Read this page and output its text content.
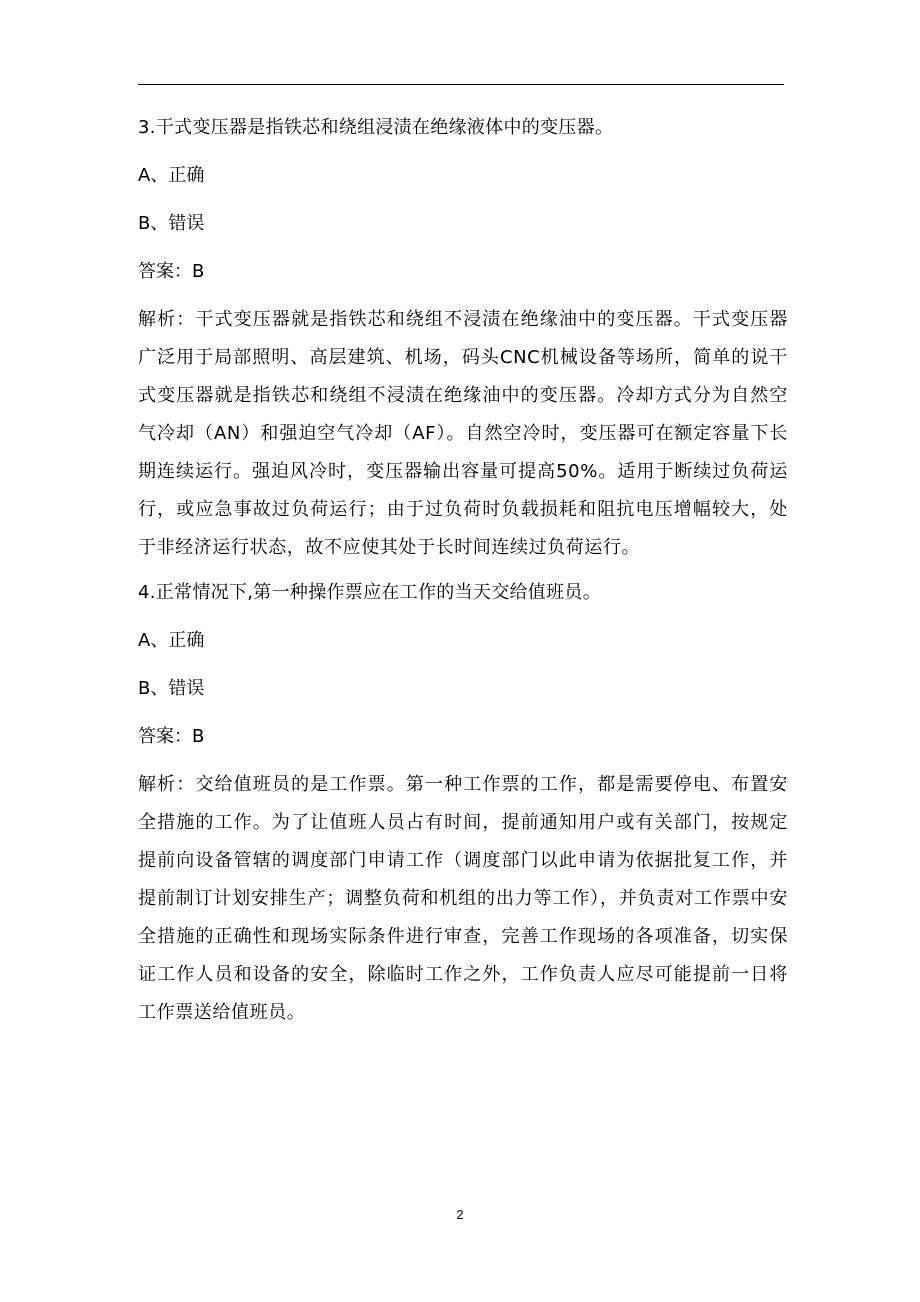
3.干式变压器是指铁芯和绕组浸渍在绝缘液体中的变压器。

A、正确

B、错误

答案：B

解析：干式变压器就是指铁芯和绕组不浸渍在绝缘油中的变压器。干式变压器广泛用于局部照明、高层建筑、机场，码头CNC机械设备等场所，简单的说干式变压器就是指铁芯和绕组不浸渍在绝缘油中的变压器。冷却方式分为自然空气冷却（AN）和强迫空气冷却（AF）。自然空冷时，变压器可在额定容量下长期连续运行。强迫风冷时，变压器输出容量可提高50%。适用于断续过负荷运行，或应急事故过负荷运行；由于过负荷时负载损耗和阻抗电压增幅较大，处于非经济运行状态，故不应使其处于长时间连续过负荷运行。

4.正常情况下,第一种操作票应在工作的当天交给值班员。

A、正确

B、错误

答案：B

解析：交给值班员的是工作票。第一种工作票的工作，都是需要停电、布置安全措施的工作。为了让值班人员占有时间，提前通知用户或有关部门，按规定提前向设备管辖的调度部门申请工作（调度部门以此申请为依据批复工作，并提前制订计划安排生产；调整负荷和机组的出力等工作），并负责对工作票中安全措施的正确性和现场实际条件进行审查，完善工作现场的各项准备，切实保证工作人员和设备的安全，除临时工作之外，工作负责人应尽可能提前一日将工作票送给值班员。

2
